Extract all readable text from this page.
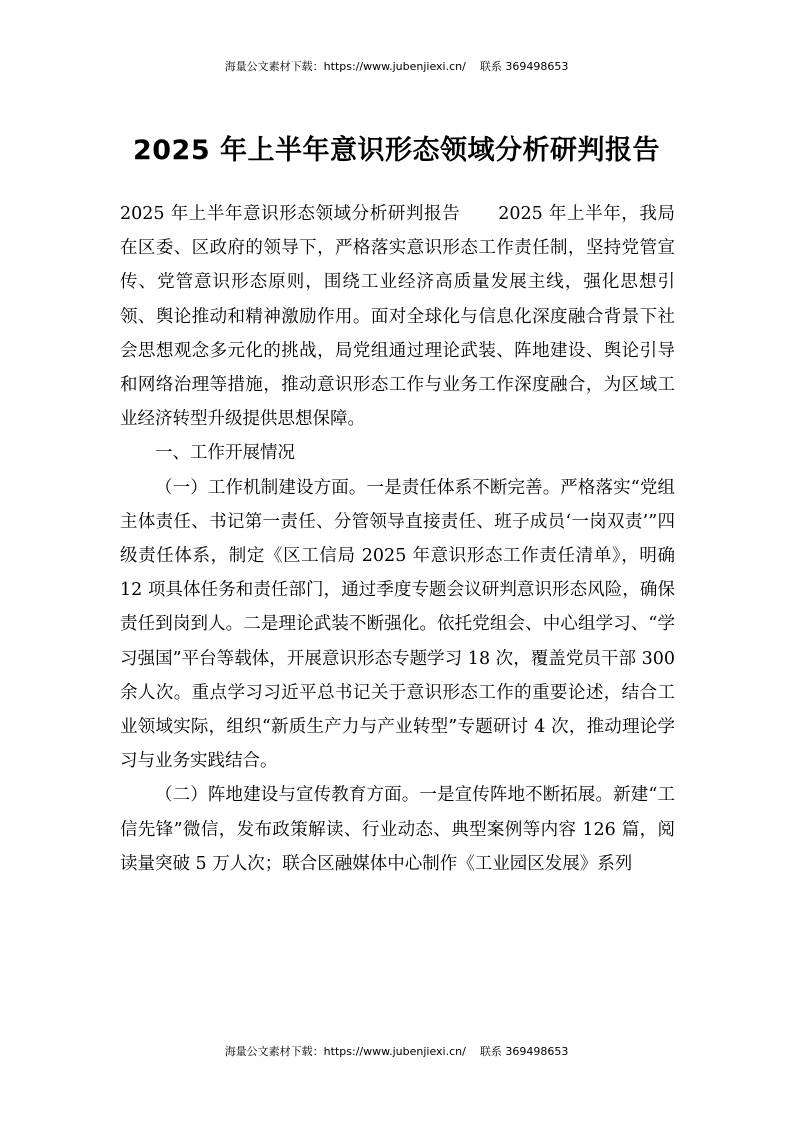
海量公文素材下载：https://www.jubenjiexi.cn/ 联系 369498653
2025 年上半年意识形态领域分析研判报告

2025 年上半年意识形态领域分析研判报告 2025 年上半年，我局在区委、区政府的领导下，严格落实意识形态工作责任制，坚持党管宣传、党管意识形态原则，围绕工业经济高质量发展主线，强化思想引领、舆论推动和精神激励作用。面对全球化与信息化深度融合背景下社会思想观念多元化的挑战，局党组通过理论武装、阵地建设、舆论引导和网络治理等措施，推动意识形态工作与业务工作深度融合，为区域工业经济转型升级提供思想保障。

一、工作开展情况

（一）工作机制建设方面。一是责任体系不断完善。严格落实“党组主体责任、书记第一责任、分管领导直接责任、班子成员‘一岗双责’”四级责任体系，制定《区工信局 2025 年意识形态工作责任清单》，明确 12 项具体任务和责任部门，通过季度专题会议研判意识形态风险，确保责任到岗到人。二是理论武装不断强化。依托党组会、中心组学习、“学习强国”平台等载体，开展意识形态专题学习 18 次，覆盖党员干部 300 余人次。重点学习习近平总书记关于意识形态工作的重要论述，结合工业领域实际，组织“新质生产力与产业转型”专题研讨 4 次，推动理论学习与业务实践结合。

（二）阵地建设与宣传教育方面。一是宣传阵地不断拓展。新建“工信先锋”微信，发布政策解读、行业动态、典型案例等内容 126 篇，阅读量突破 5 万人次；联合区融媒体中心制作《工业园区发展》系列

海量公文素材下载：https://www.jubenjiexi.cn/ 联系 369498653
